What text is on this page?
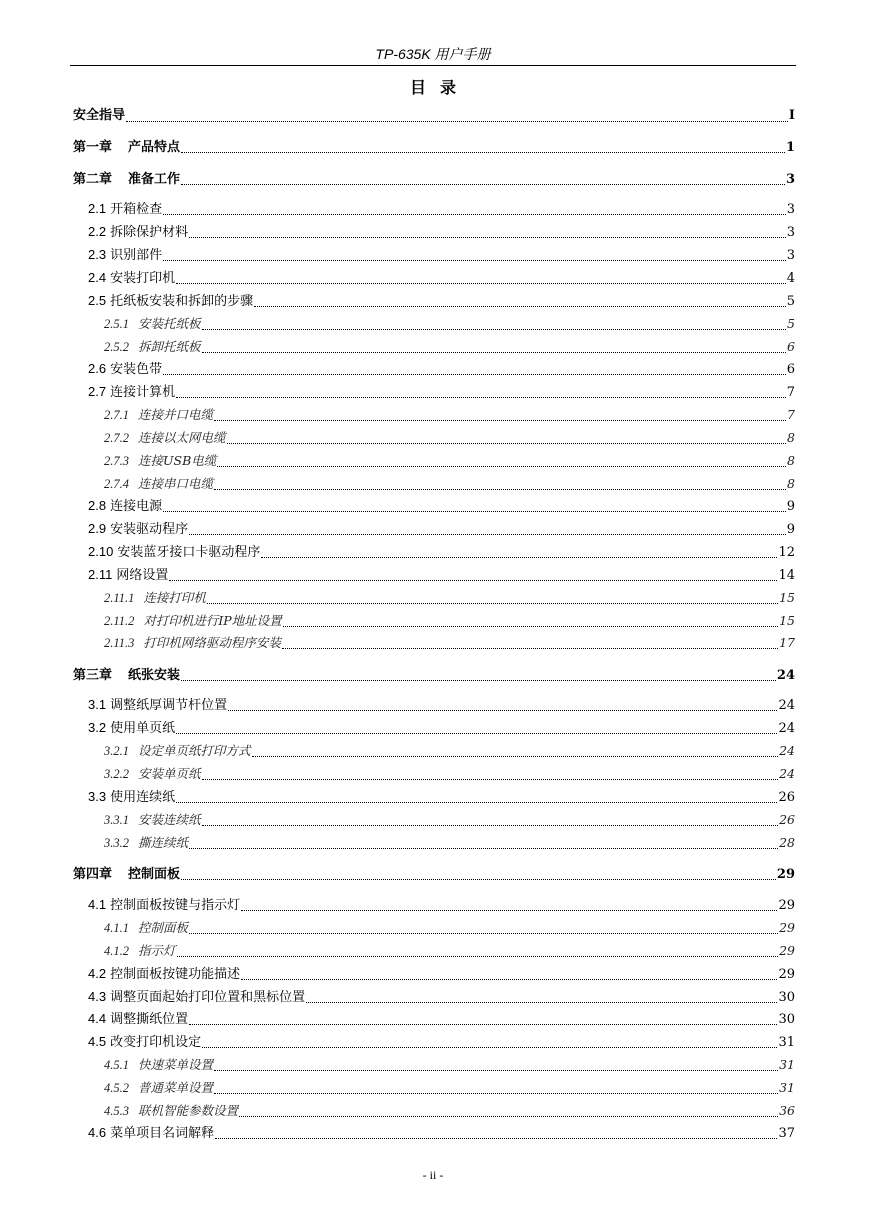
TP-635K 用户手册
目录
安全指导	I
第一章 产品特点	1
第二章 准备工作	3
2.1 开箱检查	3
2.2 拆除保护材料	3
2.3 识别部件	3
2.4 安装打印机	4
2.5 托纸板安装和拆卸的步骤	5
2.5.1 安装托纸板	5
2.5.2 拆卸托纸板	6
2.6 安装色带	6
2.7 连接计算机	7
2.7.1 连接并口电缆	7
2.7.2 连接以太网电缆	8
2.7.3 连接USB电缆	8
2.7.4 连接串口电缆	8
2.8 连接电源	9
2.9 安装驱动程序	9
2.10 安装蓝牙接口卡驱动程序	12
2.11 网络设置	14
2.11.1 连接打印机	15
2.11.2 对打印机进行IP地址设置	15
2.11.3 打印机网络驱动程序安装	17
第三章 纸张安装	24
3.1 调整纸厚调节杆位置	24
3.2 使用单页纸	24
3.2.1 设定单页纸打印方式	24
3.2.2 安装单页纸	24
3.3 使用连续纸	26
3.3.1 安装连续纸	26
3.3.2 撕连续纸	28
第四章 控制面板	29
4.1 控制面板按键与指示灯	29
4.1.1 控制面板	29
4.1.2 指示灯	29
4.2 控制面板按键功能描述	29
4.3 调整页面起始打印位置和黑标位置	30
4.4 调整撕纸位置	30
4.5 改变打印机设定	31
4.5.1 快速菜单设置	31
4.5.2 普通菜单设置	31
4.5.3 联机智能参数设置	36
4.6 菜单项目名词解释	37
- ii -
